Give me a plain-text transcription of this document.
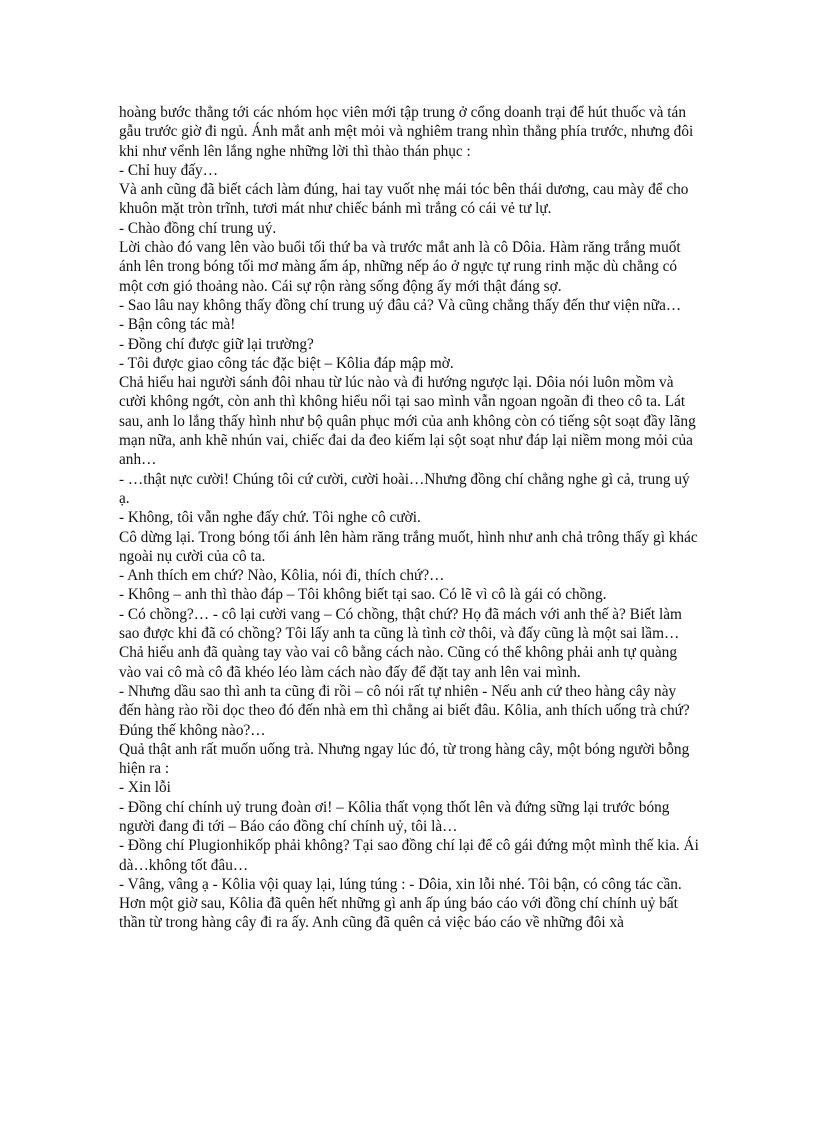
hoàng bước thẳng tới các nhóm học viên mới tập trung ở cổng doanh trại để hút thuốc và tán gẫu trước giờ đi ngủ. Ánh mắt anh mệt mỏi và nghiêm trang nhìn thẳng phía trước, nhưng đôi khi như vểnh lên lắng nghe những lời thì thào thán phục :

- Chỉ huy đấy…

Và anh cũng đã biết cách làm đúng, hai tay vuốt nhẹ mái tóc bên thái dương, cau mày để cho khuôn mặt tròn trĩnh, tươi mát như chiếc bánh mì trắng có cái vẻ tư lự.

- Chào đồng chí trung uý.

Lời chào đó vang lên vào buổi tối thứ ba và trước mắt anh là cô Dôia. Hàm răng trắng muốt ánh lên trong bóng tối mơ màng ấm áp, những nếp áo ở ngực tự rung rinh mặc dù chẳng có một cơn gió thoảng nào. Cái sự rộn ràng sống động ấy mới thật đáng sợ.

- Sao lâu nay không thấy đồng chí trung uý đâu cả? Và cũng chẳng thấy đến thư viện nữa…

- Bận công tác mà!

- Đồng chí được giữ lại trường?

- Tôi được giao công tác đặc biệt – Kôlia đáp mập mờ.

Chả hiểu hai người sánh đôi nhau từ lúc nào và đi hướng ngược lại. Dôia nói luôn mồm và cười không ngớt, còn anh thì không hiểu nổi tại sao mình vẫn ngoan ngoãn đi theo cô ta. Lát sau, anh lo lắng thấy hình như bộ quân phục mới của anh không còn có tiếng sột soạt đầy lãng mạn nữa, anh khẽ nhún vai, chiếc đai da đeo kiếm lại sột soạt như đáp lại niềm mong mỏi của anh…

- …thật nực cười! Chúng tôi cứ cười, cười hoài…Nhưng đồng chí chẳng nghe gì cả, trung uý ạ.

- Không, tôi vẫn nghe đấy chứ. Tôi nghe cô cười.

Cô dừng lại. Trong bóng tối ánh lên hàm răng trắng muốt, hình như anh chả trông thấy gì khác ngoài nụ cười của cô ta.

- Anh thích em chứ? Nào, Kôlia, nói đi, thích chứ?…

- Không – anh thì thào đáp – Tôi không biết tại sao. Có lẽ vì cô là gái có chồng.

- Có chồng?… - cô lại cười vang – Có chồng, thật chứ? Họ đã mách với anh thế à? Biết làm sao được khi đã có chồng? Tôi lấy anh ta cũng là tình cờ thôi, và đấy cũng là một sai lầm…

Chả hiểu anh đã quàng tay vào vai cô bằng cách nào. Cũng có thể không phải anh tự quàng vào vai cô mà cô đã khéo léo làm cách nào đấy để đặt tay anh lên vai mình.

- Nhưng dầu sao thì anh ta cũng đi rồi – cô nói rất tự nhiên - Nếu anh cứ theo hàng cây này đến hàng rào rồi dọc theo đó đến nhà em thì chẳng ai biết đâu. Kôlia, anh thích uống trà chứ? Đúng thế không nào?…

Quả thật anh rất muốn uống trà. Nhưng ngay lúc đó, từ trong hàng cây, một bóng người bỗng hiện ra :

- Xin lỗi

- Đồng chí chính uỷ trung đoàn ơi! – Kôlia thất vọng thốt lên và đứng sững lại trước bóng người đang đi tới – Báo cáo đồng chí chính uỷ, tôi là…

- Đồng chí Plugionhikốp phải không? Tại sao đồng chí lại để cô gái đứng một mình thế kia. Ái dà…không tốt đâu…

- Vâng, vâng ạ - Kôlia vội quay lại, lúng túng : - Dôia, xin lỗi nhé. Tôi bận, có công tác cần.

Hơn một giờ sau, Kôlia đã quên hết những gì anh ấp úng báo cáo với đồng chí chính uỷ bất thần từ trong hàng cây đi ra ấy. Anh cũng đã quên cả việc báo cáo về những đôi xà
